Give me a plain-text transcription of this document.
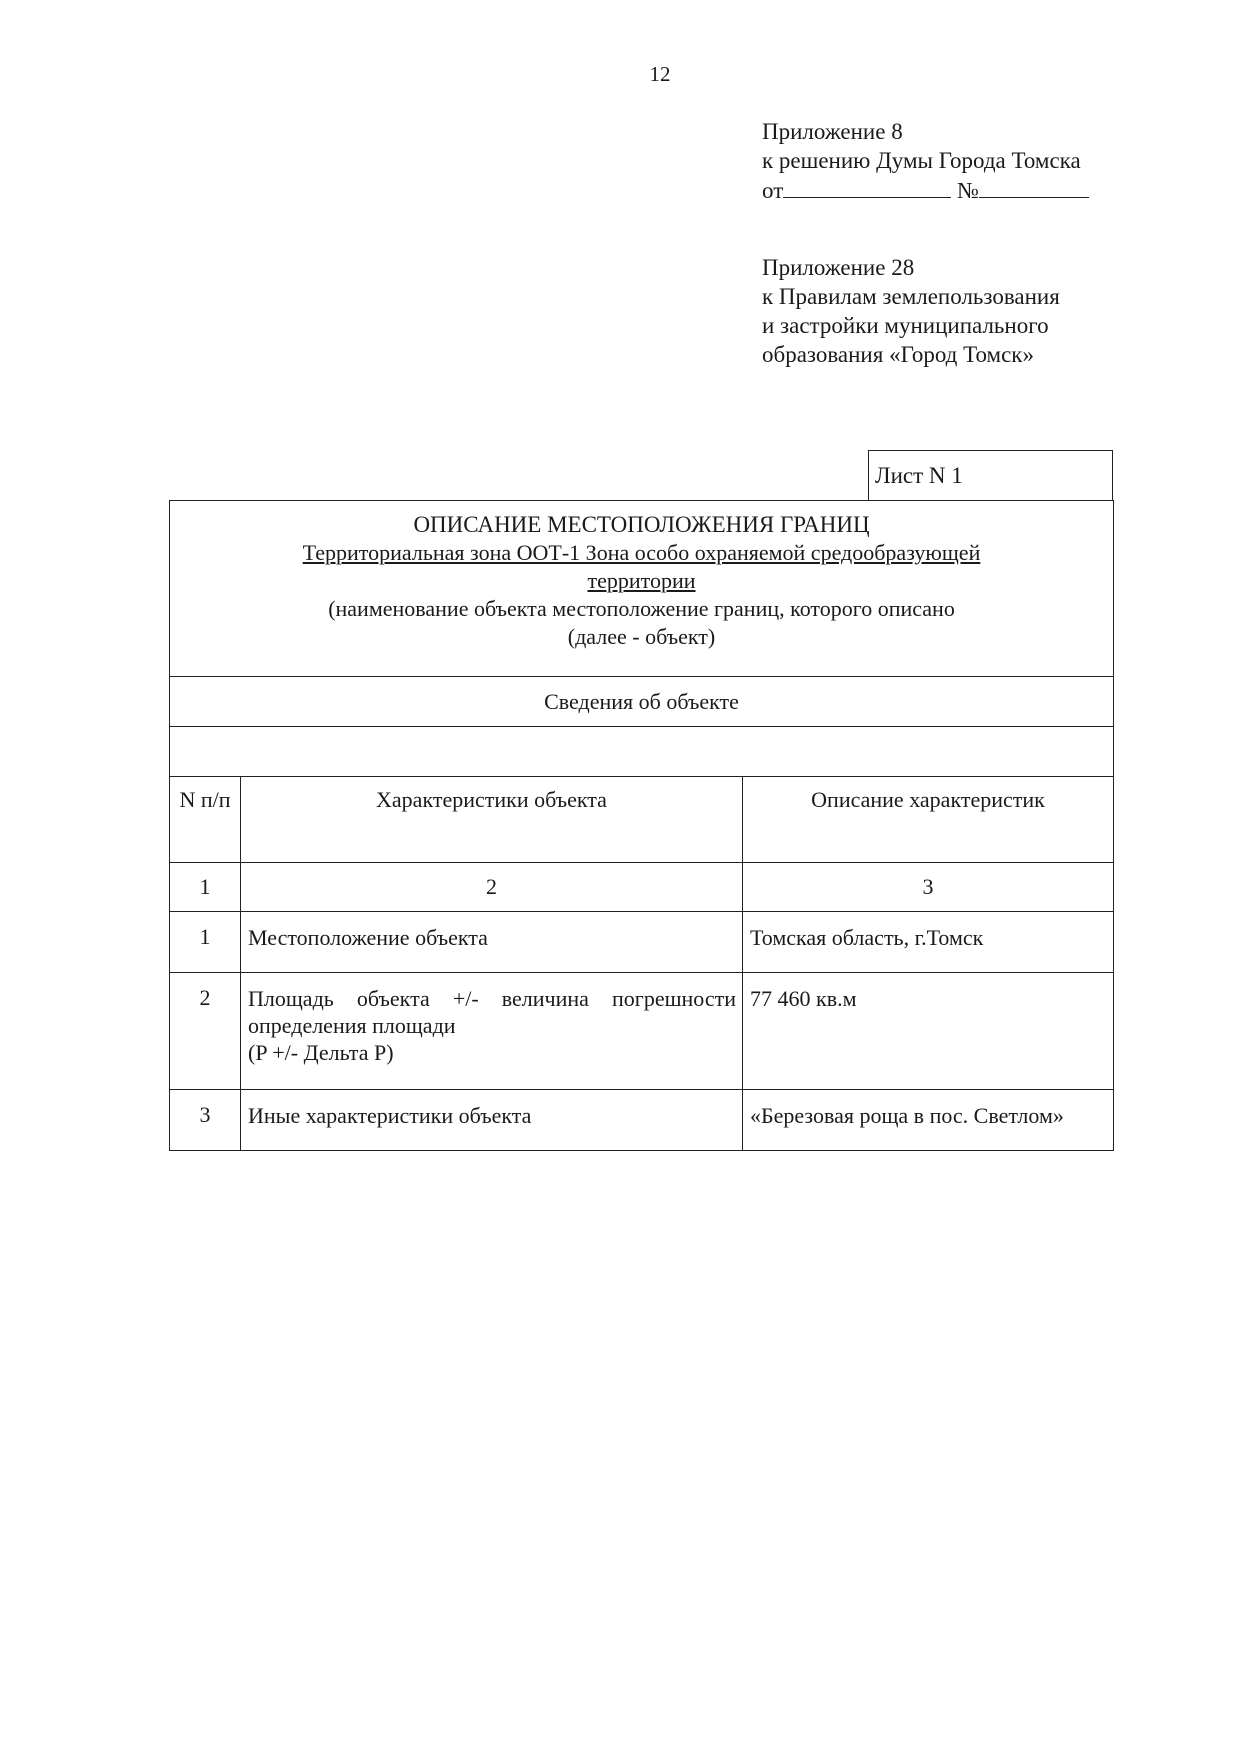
12
Приложение 8
к решению Думы Города Томска
от	№
Приложение 28
к Правилам землепользования
и застройки муниципального
образования «Город Томск»
Лист N 1
ОПИСАНИЕ МЕСТОПОЛОЖЕНИЯ ГРАНИЦ
Территориальная зона ООТ-1 Зона особо охраняемой средообразующей
территории
(наименование объекта местоположение границ, которого описано
(далее - объект)		

Сведения об объекте		

N п/п	Характеристики объекта	Описание характеристик
1	2	3
1	Местоположение объекта	Томская область, г.Томск
2	Площадь объекта +/- величина погрешности
определения площади
(P +/- Дельта P)	77 460 кв.м
3	Иные характеристики объекта	«Березовая роща в пос. Светлом»
